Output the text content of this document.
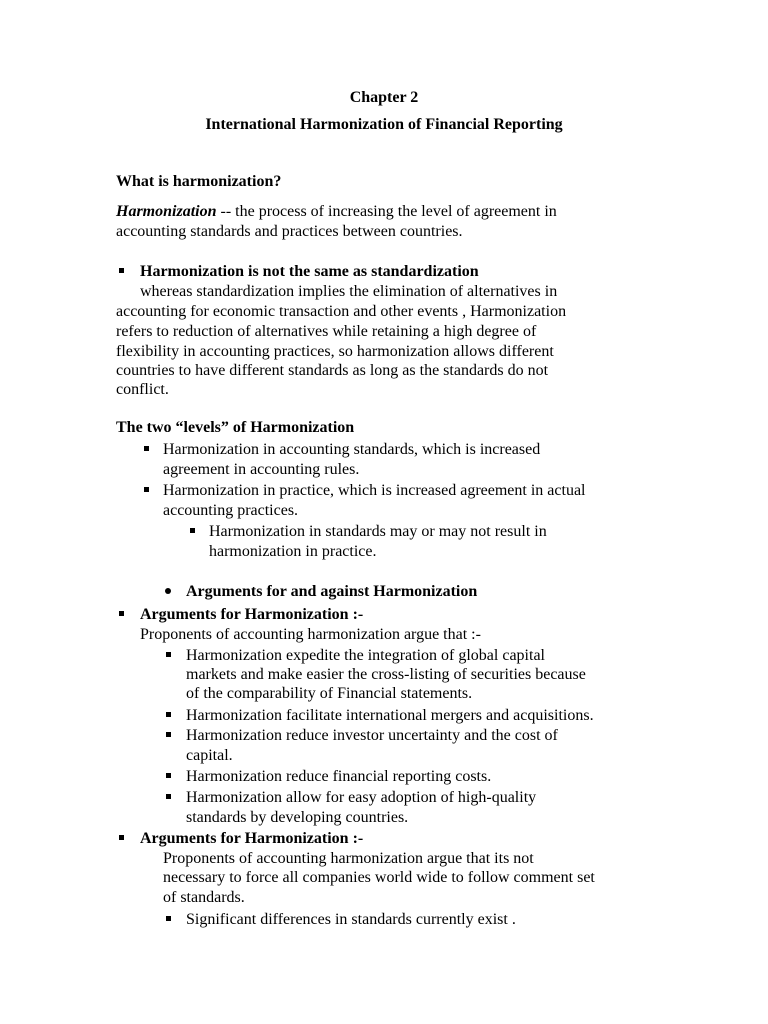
Chapter 2
International Harmonization of Financial Reporting
What is harmonization?
Harmonization -- the process of increasing the level of agreement in
accounting standards and practices between countries.
Harmonization is not the same as standardization
whereas standardization implies the elimination of alternatives in
accounting for economic transaction and other events , Harmonization
refers to reduction of alternatives while retaining a high degree of
flexibility in accounting practices, so harmonization allows different
countries to have different standards as long as the standards do not
conflict.
The two “levels” of Harmonization
Harmonization in accounting standards, which is increased
agreement in accounting rules.
Harmonization in practice, which is increased agreement in actual
accounting practices.
Harmonization in standards may or may not result in
harmonization in practice.
Arguments for and against Harmonization
Arguments for Harmonization :-
Proponents of accounting harmonization argue that :-
Harmonization expedite the integration of global capital
markets and make easier the cross-listing of securities because
of the comparability of Financial statements.
Harmonization facilitate international mergers and acquisitions.
Harmonization reduce investor uncertainty and the cost of
capital.
Harmonization reduce financial reporting costs.
Harmonization allow for easy adoption of high-quality
standards by developing countries.
Arguments for Harmonization :-
Proponents of accounting harmonization argue that its not
necessary to force all companies world wide to follow comment set
of standards.
Significant differences in standards currently exist .
